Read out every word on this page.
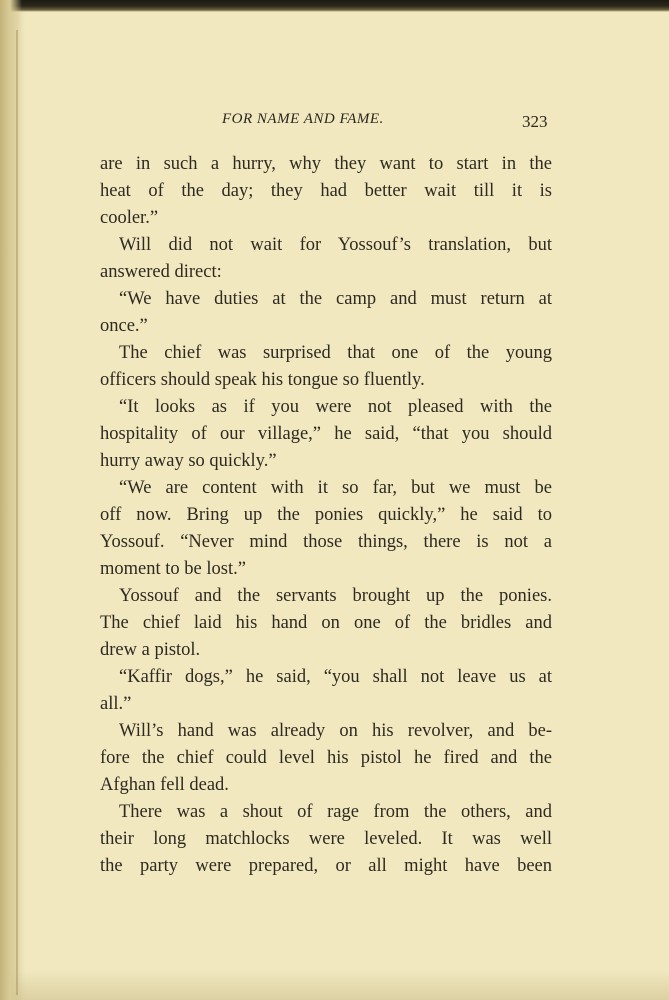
FOR NAME AND FAME.	323
are in such a hurry, why they want to start in the
heat of the day; they had better wait till it is
cooler.”
Will did not wait for Yossouf’s translation, but
answered direct:
“We have duties at the camp and must return at
once.”
The chief was surprised that one of the young
officers should speak his tongue so fluently.
“It looks as if you were not pleased with the
hospitality of our village,” he said, “that you should
hurry away so quickly.”
“We are content with it so far, but we must be
off now. Bring up the ponies quickly,” he said to
Yossouf. “Never mind those things, there is not a
moment to be lost.”
Yossouf and the servants brought up the ponies.
The chief laid his hand on one of the bridles and
drew a pistol.
“Kaffir dogs,” he said, “you shall not leave us at
all.”
Will’s hand was already on his revolver, and be-
fore the chief could level his pistol he fired and the
Afghan fell dead.
There was a shout of rage from the others, and
their long matchlocks were leveled. It was well
the party were prepared, or all might have been
